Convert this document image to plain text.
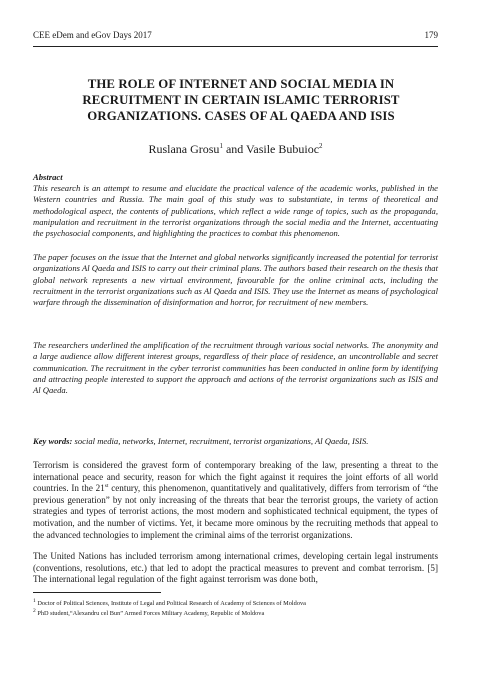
CEE eDem and eGov Days 2017	179
THE ROLE OF INTERNET AND SOCIAL MEDIA IN
RECRUITMENT IN CERTAIN ISLAMIC TERRORIST
ORGANIZATIONS. CASES OF AL QAEDA AND ISIS
Ruslana Grosu$^1$ and Vasile Bubuioc$^2$
Abstract

This research is an attempt to resume and elucidate the practical valence of the academic works, published in the Western countries and Russia. The main goal of this study was to substantiate, in terms of theoretical and methodological aspect, the contents of publications, which reflect a wide range of topics, such as the propaganda, manipulation and recruitment in the terrorist organizations through the social media and the Internet, accentuating the psychosocial components, and highlighting the practices to combat this phenomenon.

The paper focuses on the issue that the Internet and global networks significantly increased the potential for terrorist organizations Al Qaeda and ISIS to carry out their criminal plans. The authors based their research on the thesis that global network represents a new virtual environment, favourable for the online criminal acts, including the recruitment in the terrorist organizations such as Al Qaeda and ISIS. They use the Internet as means of psychological warfare through the dissemination of disinformation and horror, for recruitment of new members.

The researchers underlined the amplification of the recruitment through various social networks. The anonymity and a large audience allow different interest groups, regardless of their place of residence, an uncontrollable and secret communication. The recruitment in the cyber terrorist communities has been conducted in online form by identifying and attracting people interested to support the approach and actions of the terrorist organizations such as ISIS and Al Qaeda.

Key words: social media, networks, Internet, recruitment, terrorist organizations, Al Qaeda, ISIS.

Terrorism is considered the gravest form of contemporary breaking of the law, presenting a threat to the international peace and security, reason for which the fight against it requires the joint efforts of all world countries. In the 21st century, this phenomenon, quantitatively and qualitatively, differs from terrorism of “the previous generation” by not only increasing of the threats that bear the terrorist groups, the variety of action strategies and types of terrorist actions, the most modern and sophisticated technical equipment, the types of motivation, and the number of victims. Yet, it became more ominous by the recruiting methods that appeal to the advanced technologies to implement the criminal aims of the terrorist organizations.

The United Nations has included terrorism among international crimes, developing certain legal instruments (conventions, resolutions, etc.) that led to adopt the practical measures to prevent and combat terrorism. [5] The international legal regulation of the fight against terrorism was done both,

$^1$ Doctor of Political Sciences, Institute of Legal and Political Research of Academy of Sciences of Moldova
$^2$ PhD student,“Alexandru cel Bun” Armed Forces Military Academy, Republic of Moldova
